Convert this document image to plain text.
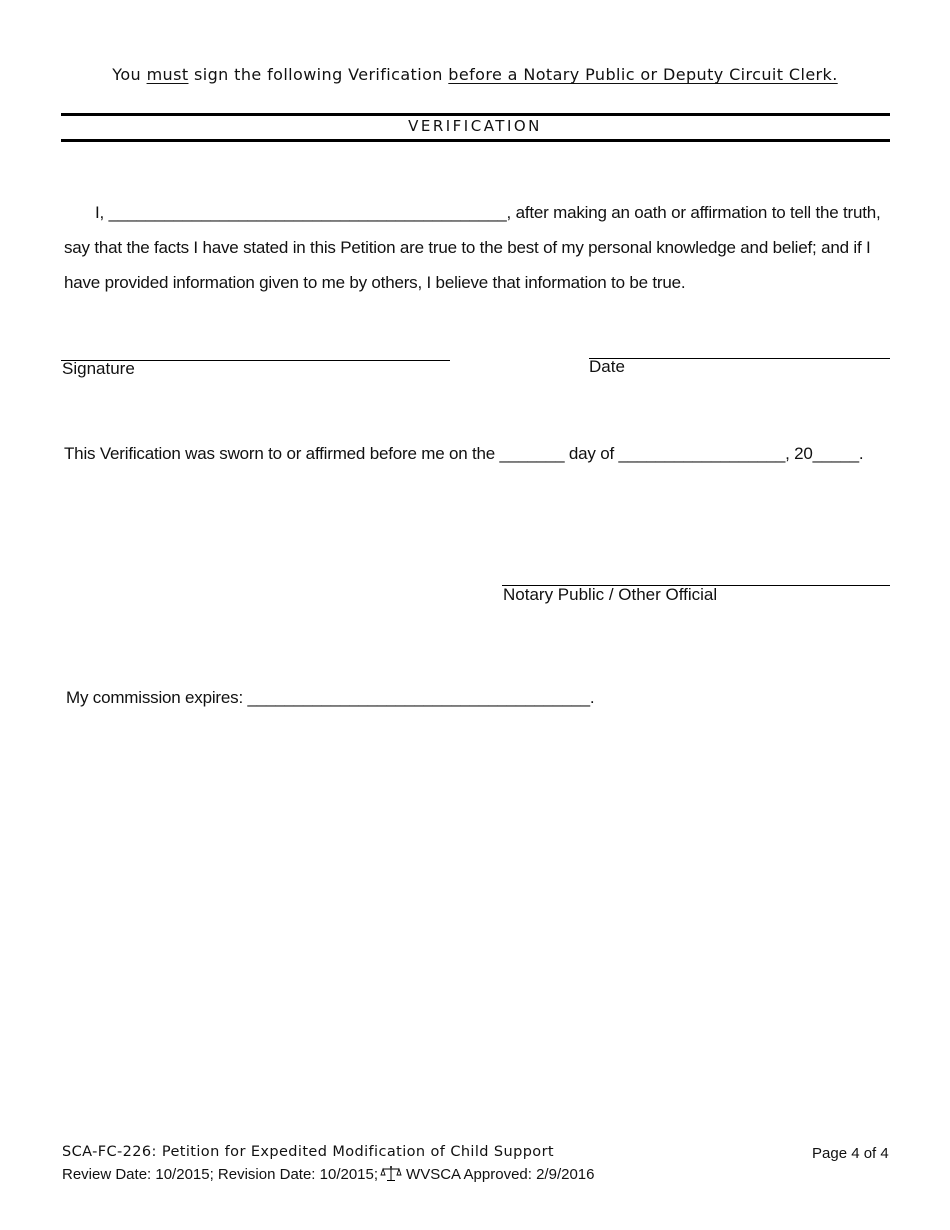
You must sign the following Verification before a Notary Public or Deputy Circuit Clerk.
VERIFICATION
I, ___________________________________________, after making an oath or affirmation to tell the truth, say that the facts I have stated in this Petition are true to the best of my personal knowledge and belief; and if I have provided information given to me by others, I believe that information to be true.
Signature	Date
This Verification was sworn to or affirmed before me on the _______ day of __________________, 20_____.
Notary Public / Other Official
My commission expires: _____________________________________.
SCA-FC-226: Petition for Expedited Modification of Child Support
Review Date: 10/2015; Revision Date: 10/2015; WVSCA Approved: 2/9/2016
Page 4 of 4
